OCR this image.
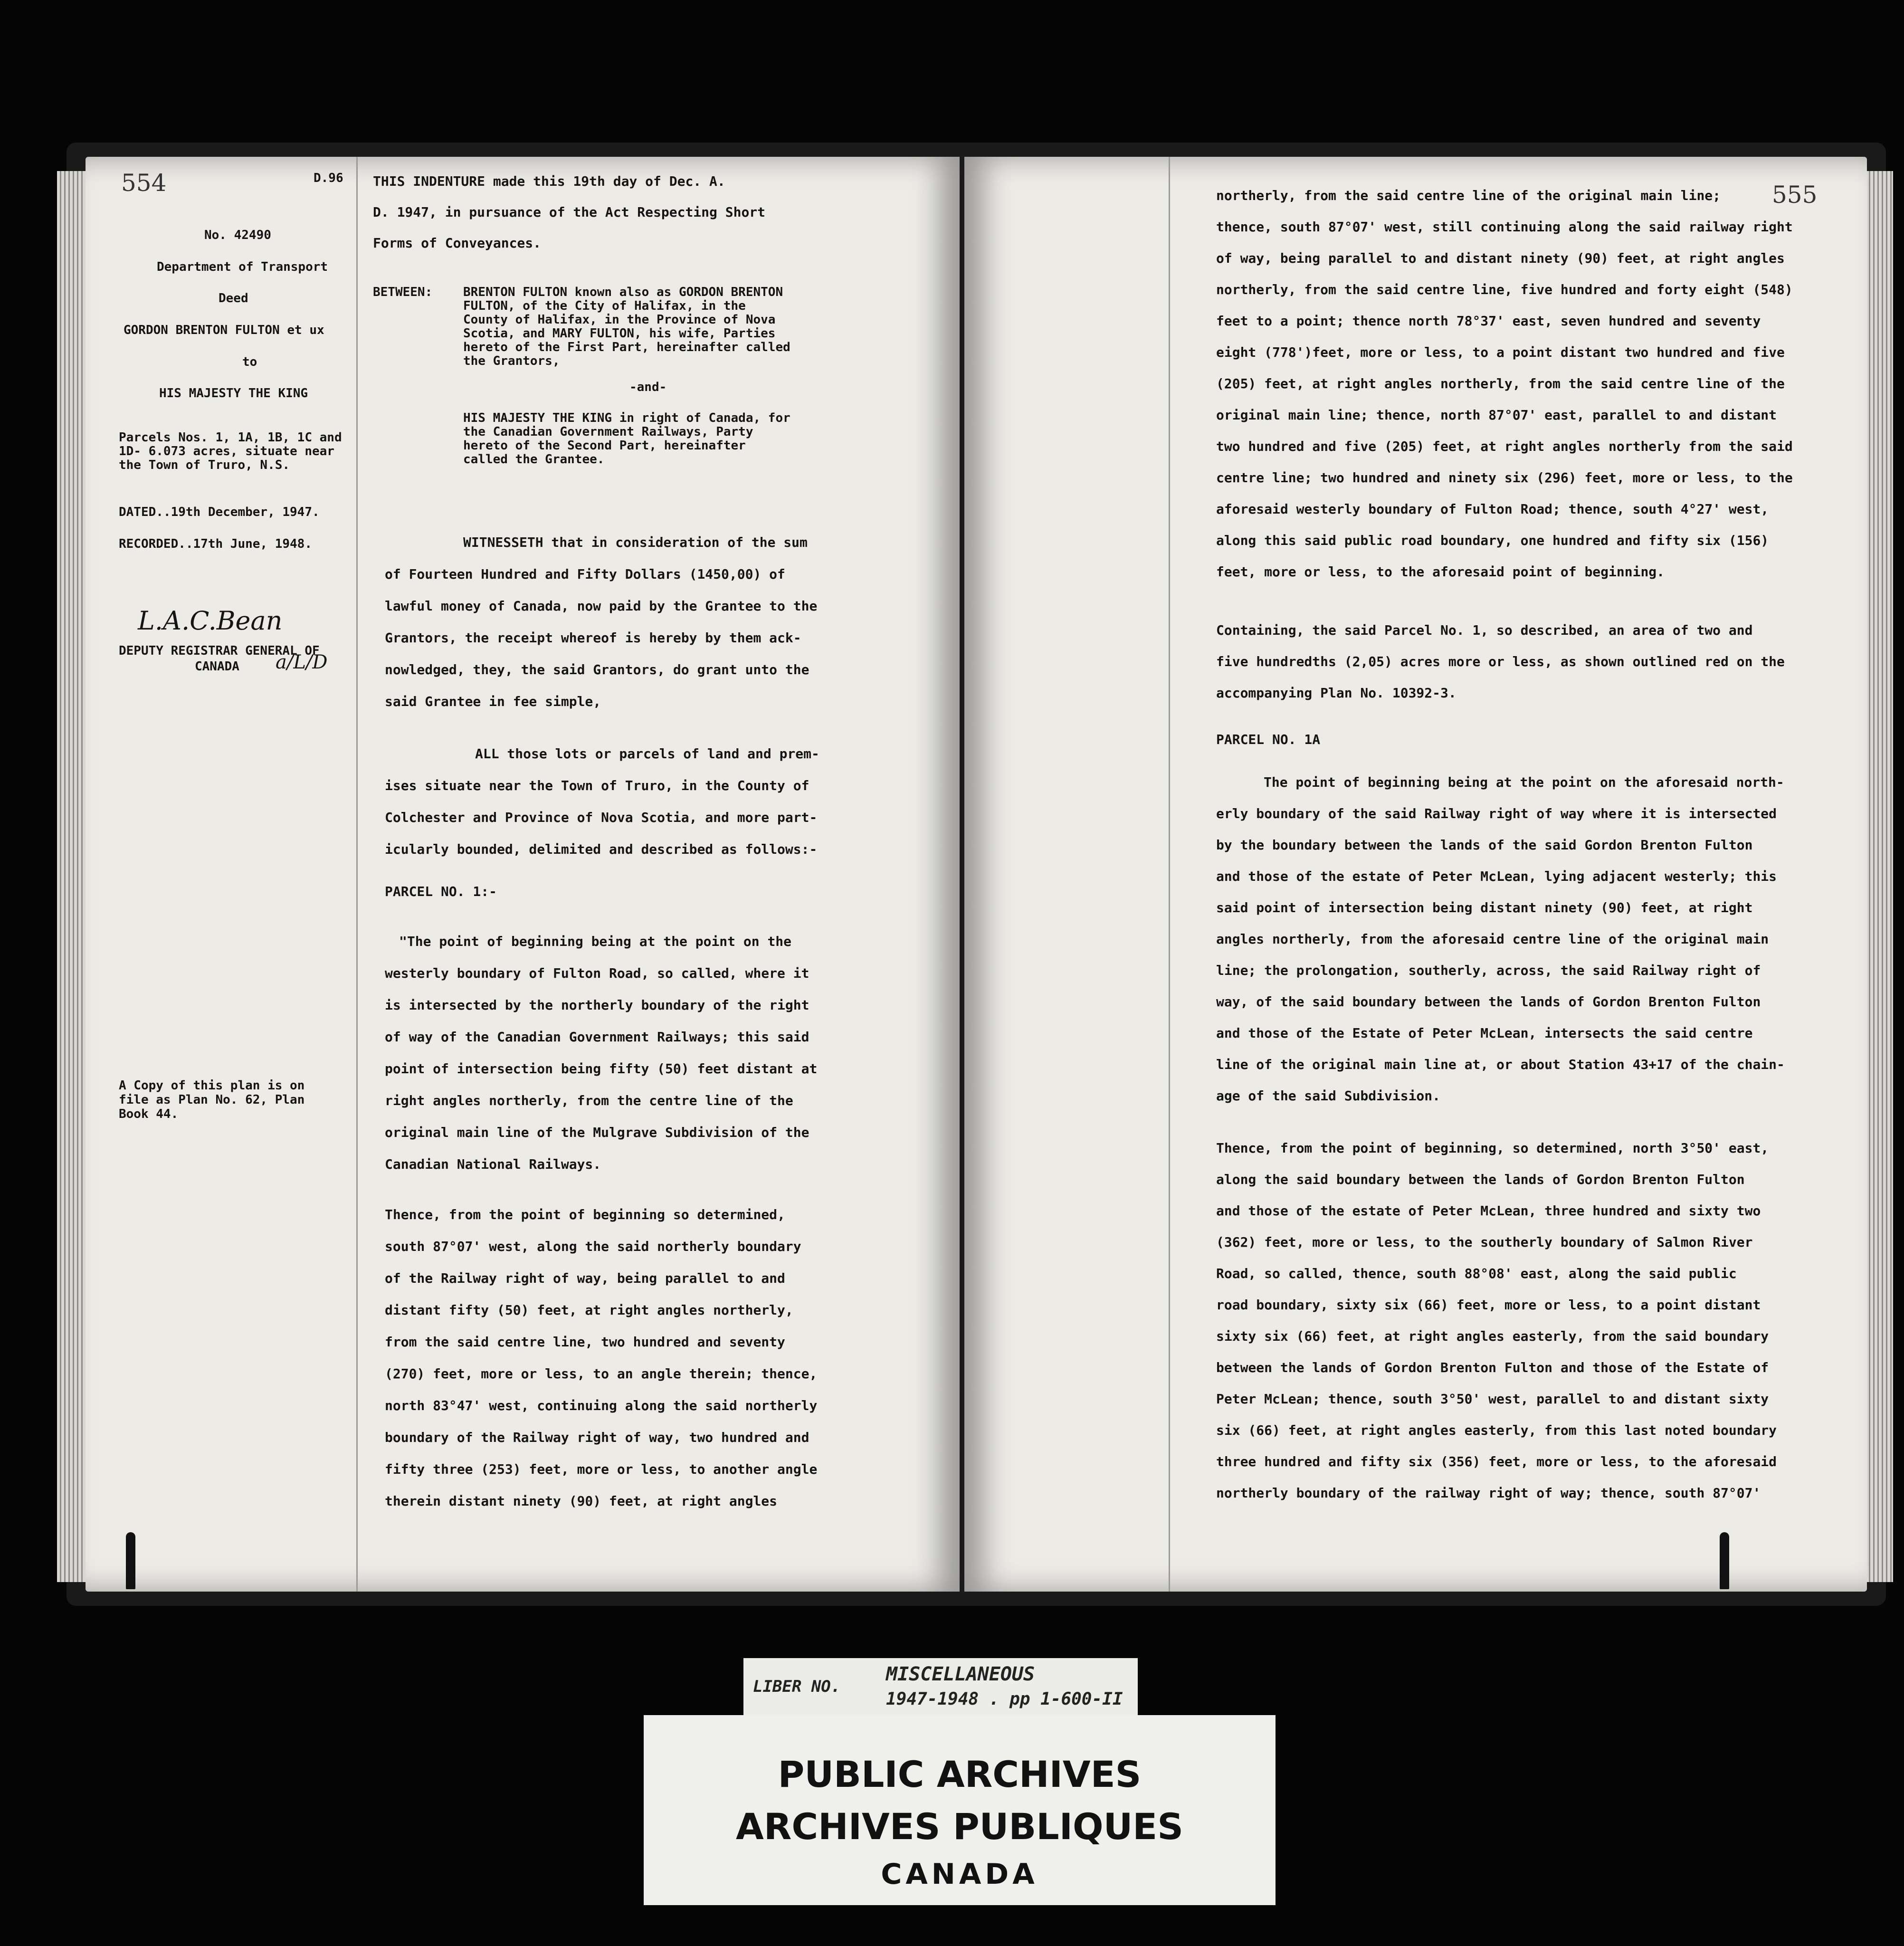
554	D.96
No. 42490
Department of Transport
Deed
GORDON BRENTON FULTON et ux
to
HIS MAJESTY THE KING
Parcels Nos. 1, 1A, 1B, 1C and
1D- 6.073 acres, situate near
the Town of Truro, N.S.
DATED..19th December, 1947.
RECORDED..17th June, 1948.
L.A.C.Bean
DEPUTY REGISTRAR GENERAL OF
CANADA a/L/D
A Copy of this plan is on
file as Plan No. 62, Plan
Book 44.
THIS INDENTURE made this 19th day of Dec. A.
D. 1947, in pursuance of the Act Respecting Short
Forms of Conveyances.
BETWEEN: BRENTON FULTON known also as GORDON BRENTON
FULTON, of the City of Halifax, in the
County of Halifax, in the Province of Nova
Scotia, and MARY FULTON, his wife, Parties
hereto of the First Part, hereinafter called
the Grantors,
-and-
HIS MAJESTY THE KING in right of Canada, for
the Canadian Government Railways, Party
hereto of the Second Part, hereinafter
called the Grantee.
WITNESSETH that in consideration of the sum
of Fourteen Hundred and Fifty Dollars (1450,00) of
lawful money of Canada, now paid by the Grantee to the
Grantors, the receipt whereof is hereby by them ack-
nowledged, they, the said Grantors, do grant unto the
said Grantee in fee simple,
ALL those lots or parcels of land and prem-
ises situate near the Town of Truro, in the County of
Colchester and Province of Nova Scotia, and more part-
icularly bounded, delimited and described as follows:-
PARCEL NO. 1:-
"The point of beginning being at the point on the
westerly boundary of Fulton Road, so called, where it
is intersected by the northerly boundary of the right
of way of the Canadian Government Railways; this said
point of intersection being fifty (50) feet distant at
right angles northerly, from the centre line of the
original main line of the Mulgrave Subdivision of the
Canadian National Railways.
Thence, from the point of beginning so determined,
south 87°07' west, along the said northerly boundary
of the Railway right of way, being parallel to and
distant fifty (50) feet, at right angles northerly,
from the said centre line, two hundred and seventy
(270) feet, more or less, to an angle therein; thence,
north 83°47' west, continuing along the said northerly
boundary of the Railway right of way, two hundred and
fifty three (253) feet, more or less, to another angle
therein distant ninety (90) feet, at right angles
555
northerly, from the said centre line of the original main line;
thence, south 87°07' west, still continuing along the said railway right
of way, being parallel to and distant ninety (90) feet, at right angles
northerly, from the said centre line, five hundred and forty eight (548)
feet to a point; thence north 78°37' east, seven hundred and seventy
eight (778')feet, more or less, to a point distant two hundred and five
(205) feet, at right angles northerly, from the said centre line of the
original main line; thence, north 87°07' east, parallel to and distant
two hundred and five (205) feet, at right angles northerly from the said
centre line; two hundred and ninety six (296) feet, more or less, to the
aforesaid westerly boundary of Fulton Road; thence, south 4°27' west,
along this said public road boundary, one hundred and fifty six (156)
feet, more or less, to the aforesaid point of beginning.
Containing, the said Parcel No. 1, so described, an area of two and
five hundredths (2,05) acres more or less, as shown outlined red on the
accompanying Plan No. 10392-3.
PARCEL NO. 1A
The point of beginning being at the point on the aforesaid north-
erly boundary of the said Railway right of way where it is intersected
by the boundary between the lands of the said Gordon Brenton Fulton
and those of the estate of Peter McLean, lying adjacent westerly; this
said point of intersection being distant ninety (90) feet, at right
angles northerly, from the aforesaid centre line of the original main
line; the prolongation, southerly, across, the said Railway right of
way, of the said boundary between the lands of Gordon Brenton Fulton
and those of the Estate of Peter McLean, intersects the said centre
line of the original main line at, or about Station 43+17 of the chain-
age of the said Subdivision.
Thence, from the point of beginning, so determined, north 3°50' east,
along the said boundary between the lands of Gordon Brenton Fulton
and those of the estate of Peter McLean, three hundred and sixty two
(362) feet, more or less, to the southerly boundary of Salmon River
Road, so called, thence, south 88°08' east, along the said public
road boundary, sixty six (66) feet, more or less, to a point distant
sixty six (66) feet, at right angles easterly, from the said boundary
between the lands of Gordon Brenton Fulton and those of the Estate of
Peter McLean; thence, south 3°50' west, parallel to and distant sixty
six (66) feet, at right angles easterly, from this last noted boundary
three hundred and fifty six (356) feet, more or less, to the aforesaid
northerly boundary of the railway right of way; thence, south 87°07'
LIBER NO.
MISCELLANEOUS
1947-1948 . pp 1-600-II
PUBLIC ARCHIVES
ARCHIVES PUBLIQUES
CANADA
